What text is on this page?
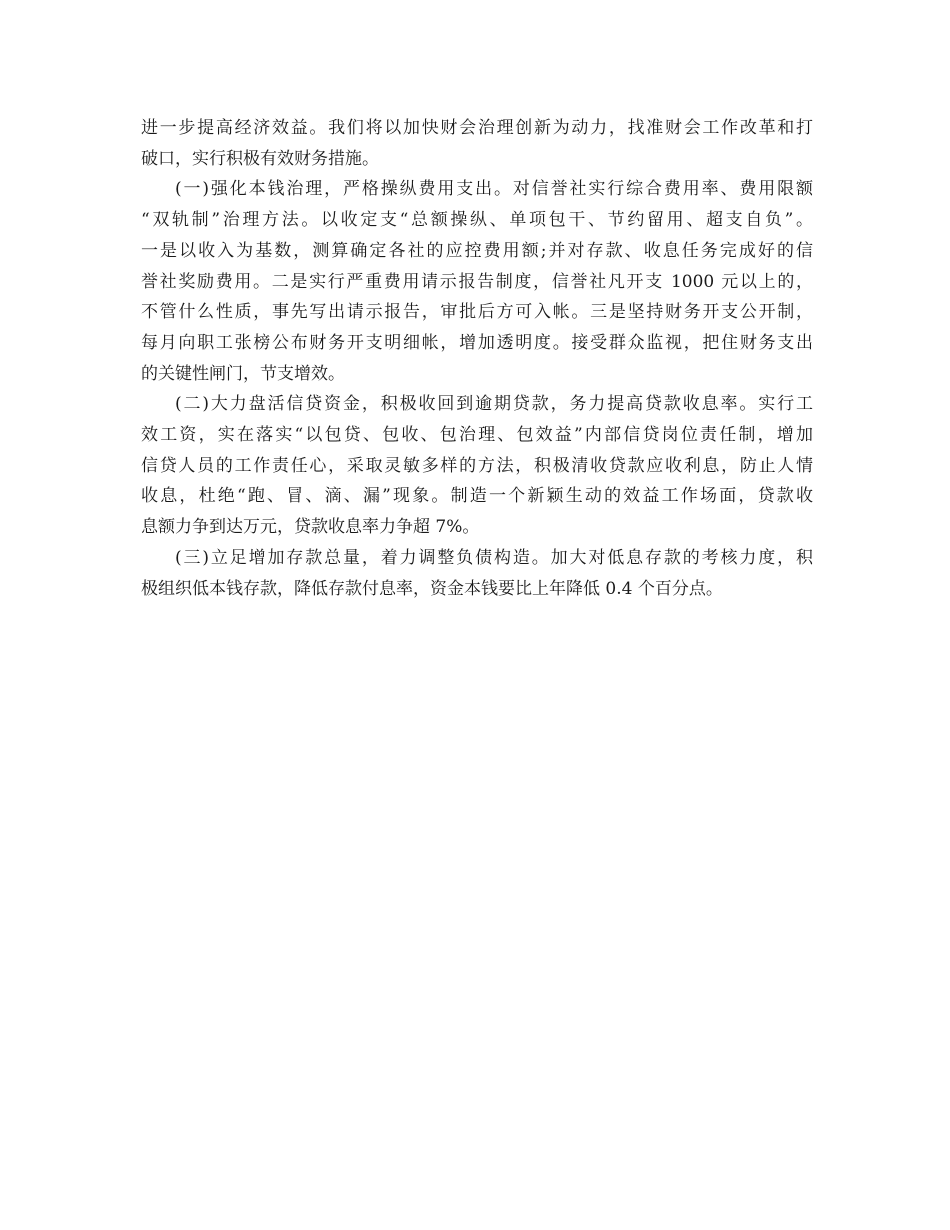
进一步提高经济效益。我们将以加快财会治理创新为动力，找准财会工作改革和打
破口，实行积极有效财务措施。

(一)强化本钱治理，严格操纵费用支出。对信誉社实行综合费用率、费用限额
“双轨制”治理方法。以收定支“总额操纵、单项包干、节约留用、超支自负”。
一是以收入为基数，测算确定各社的应控费用额;并对存款、收息任务完成好的信
誉社奖励费用。二是实行严重费用请示报告制度，信誉社凡开支 1000 元以上的，
不管什么性质，事先写出请示报告，审批后方可入帐。三是坚持财务开支公开制，
每月向职工张榜公布财务开支明细帐，增加透明度。接受群众监视，把住财务支出
的关键性闸门，节支增效。

(二)大力盘活信贷资金，积极收回到逾期贷款，务力提高贷款收息率。实行工
效工资，实在落实“以包贷、包收、包治理、包效益”内部信贷岗位责任制，增加
信贷人员的工作责任心，采取灵敏多样的方法，积极清收贷款应收利息，防止人情
收息，杜绝“跑、冒、滴、漏”现象。制造一个新颖生动的效益工作场面，贷款收
息额力争到达万元，贷款收息率力争超 7%。

(三)立足增加存款总量，着力调整负债构造。加大对低息存款的考核力度，积
极组织低本钱存款，降低存款付息率，资金本钱要比上年降低 0.4 个百分点。
